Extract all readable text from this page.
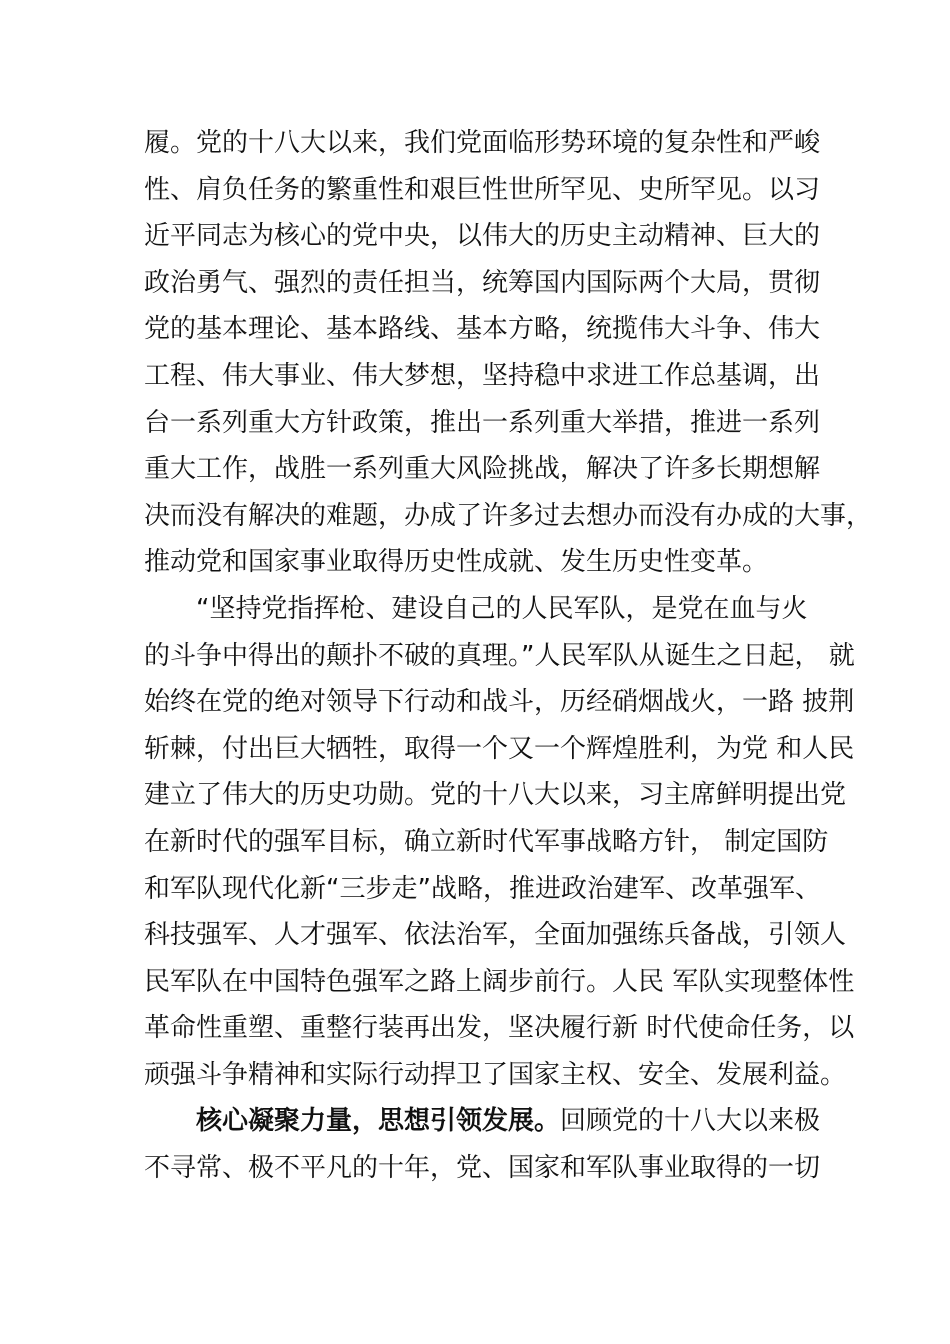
履。党的十八大以来，我们党面临形势环境的复杂性和严峻
性、肩负任务的繁重性和艰巨性世所罕见、史所罕见。以习
近平同志为核心的党中央，以伟大的历史主动精神、巨大的
政治勇气、强烈的责任担当，统筹国内国际两个大局，贯彻
党的基本理论、基本路线、基本方略，统揽伟大斗争、伟大
工程、伟大事业、伟大梦想，坚持稳中求进工作总基调，出
台一系列重大方针政策，推出一系列重大举措，推进一系列
重大工作，战胜一系列重大风险挑战，解决了许多长期想解
决而没有解决的难题，办成了许多过去想办而没有办成的大事，
推动党和国家事业取得历史性成就、发生历史性变革。
“坚持党指挥枪、建设自己的人民军队，是党在血与火
的斗争中得出的颠扑不破的真理。”人民军队从诞生之日起， 就
始终在党的绝对领导下行动和战斗，历经硝烟战火，一路 披荆
斩棘，付出巨大牺牲，取得一个又一个辉煌胜利，为党 和人民
建立了伟大的历史功勋。党的十八大以来，习主席鲜明提出党
在新时代的强军目标，确立新时代军事战略方针， 制定国防
和军队现代化新“三步走”战略，推进政治建军、改革强军、
科技强军、人才强军、依法治军，全面加强练兵备战，引领人
民军队在中国特色强军之路上阔步前行。人民 军队实现整体性
革命性重塑、重整行装再出发，坚决履行新 时代使命任务，以
顽强斗争精神和实际行动捍卫了国家主权、安全、发展利益。
核心凝聚力量，思想引领发展。回顾党的十八大以来极
不寻常、极不平凡的十年，党、国家和军队事业取得的一切
